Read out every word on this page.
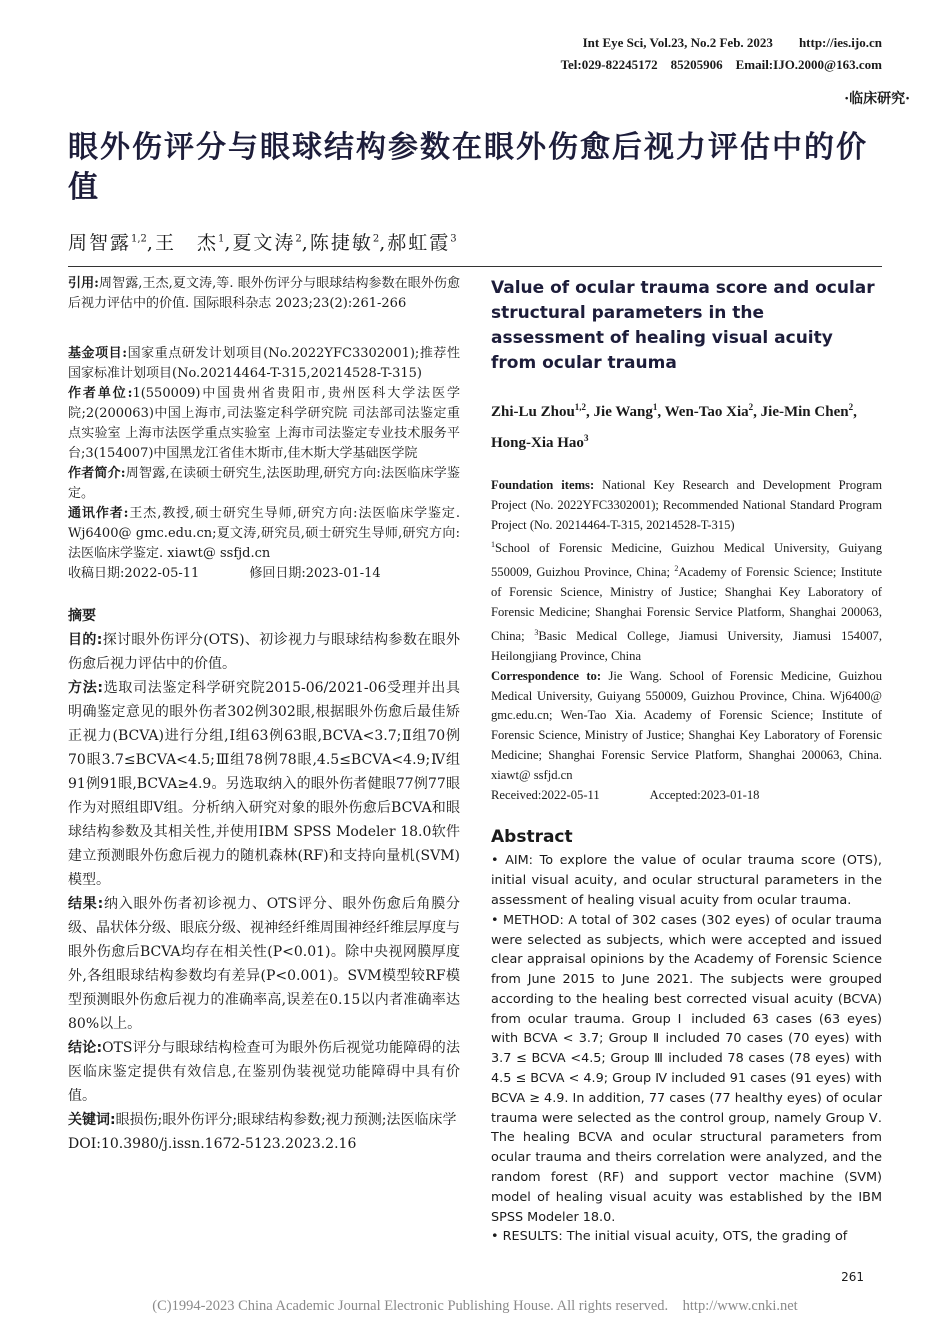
Int Eye Sci, Vol.23, No.2 Feb. 2023 http://ies.ijo.cn
Tel:029-82245172    85205906    Email:IJO.2000@163.com
·临床研究·
眼外伤评分与眼球结构参数在眼外伤愈后视力评估中的价值
周智露$^{1,2}$,王　杰$^1$,夏文涛$^2$,陈捷敏$^2$,郝虹霞$^3$

引用:周智露,王杰,夏文涛,等. 眼外伤评分与眼球结构参数在眼外伤愈后视力评估中的价值. 国际眼科杂志 2023;23(2):261-266

基金项目:国家重点研发计划项目(No.2022YFC3302001);推荐性国家标准计划项目(No.20214464-T-315,20214528-T-315)

作者单位:1(550009)中国贵州省贵阳市,贵州医科大学法医学院;2(200063)中国上海市,司法鉴定科学研究院 司法部司法鉴定重点实验室 上海市法医学重点实验室 上海市司法鉴定专业技术服务平台;3(154007)中国黑龙江省佳木斯市,佳木斯大学基础医学院

作者简介:周智露,在读硕士研究生,法医助理,研究方向:法医临床学鉴定。

通讯作者:王杰,教授,硕士研究生导师,研究方向:法医临床学鉴定. Wj6400@ gmc.edu.cn;夏文涛,研究员,硕士研究生导师,研究方向:法医临床学鉴定. xiawt@ ssfjd.cn

收稿日期:2022-05-11	修回日期:2023-01-14

摘要

目的:探讨眼外伤评分(OTS)、初诊视力与眼球结构参数在眼外伤愈后视力评估中的价值。

方法:选取司法鉴定科学研究院2015-06/2021-06受理并出具明确鉴定意见的眼外伤者302例302眼,根据眼外伤愈后最佳矫正视力(BCVA)进行分组,Ⅰ组63例63眼,BCVA<3.7;Ⅱ组70例70眼3.7≤BCVA<4.5;Ⅲ组78例78眼,4.5≤BCVA<4.9;Ⅳ组91例91眼,BCVA≥4.9。另选取纳入的眼外伤者健眼77例77眼作为对照组即Ⅴ组。分析纳入研究对象的眼外伤愈后BCVA和眼球结构参数及其相关性,并使用IBM SPSS Modeler 18.0软件建立预测眼外伤愈后视力的随机森林(RF)和支持向量机(SVM)模型。

结果:纳入眼外伤者初诊视力、OTS评分、眼外伤愈后角膜分级、晶状体分级、眼底分级、视神经纤维周围神经纤维层厚度与眼外伤愈后BCVA均存在相关性(P<0.01)。除中央视网膜厚度外,各组眼球结构参数均有差异(P<0.001)。SVM模型较RF模型预测眼外伤愈后视力的准确率高,误差在0.15以内者准确率达80%以上。

结论:OTS评分与眼球结构检查可为眼外伤后视觉功能障碍的法医临床鉴定提供有效信息,在鉴别伪装视觉功能障碍中具有价值。

关键词:眼损伤;眼外伤评分;眼球结构参数;视力预测;法医临床学

DOI:10.3980/j.issn.1672-5123.2023.2.16

Value of ocular trauma score and ocular structural parameters in the assessment of healing visual acuity from ocular trauma
Zhi-Lu Zhou$^{1,2}$, Jie Wang$^1$, Wen-Tao Xia$^2$, Jie-Min Chen$^2$, Hong-Xia Hao$^3$

Foundation items: National Key Research and Development Program Project (No. 2022YFC3302001); Recommended National Standard Program Project (No. 20214464-T-315, 20214528-T-315)

$^1$School of Forensic Medicine, Guizhou Medical University, Guiyang 550009, Guizhou Province, China; $^2$Academy of Forensic Science; Institute of Forensic Science, Ministry of Justice; Shanghai Key Laboratory of Forensic Medicine; Shanghai Forensic Service Platform, Shanghai 200063, China; $^3$Basic Medical College, Jiamusi University, Jiamusi 154007, Heilongjiang Province, China

Correspondence to: Jie Wang. School of Forensic Medicine, Guizhou Medical University, Guiyang 550009, Guizhou Province, China. Wj6400@ gmc.edu.cn; Wen-Tao Xia. Academy of Forensic Science; Institute of Forensic Science, Ministry of Justice; Shanghai Key Laboratory of Forensic Medicine; Shanghai Forensic Service Platform, Shanghai 200063, China. xiawt@ ssfjd.cn

Received:2022-05-11	Accepted:2023-01-18

Abstract

• AIM: To explore the value of ocular trauma score (OTS), initial visual acuity, and ocular structural parameters in the assessment of healing visual acuity from ocular trauma.

• METHOD: A total of 302 cases (302 eyes) of ocular trauma were selected as subjects, which were accepted and issued clear appraisal opinions by the Academy of Forensic Science from June 2015 to June 2021. The subjects were grouped according to the healing best corrected visual acuity (BCVA) from ocular trauma. Group Ⅰ included 63 cases (63 eyes) with BCVA < 3.7; Group Ⅱ included 70 cases (70 eyes) with 3.7 ≤ BCVA <4.5; Group Ⅲ included 78 cases (78 eyes) with 4.5 ≤ BCVA < 4.9; Group Ⅳ included 91 cases (91 eyes) with BCVA ≥ 4.9. In addition, 77 cases (77 healthy eyes) of ocular trauma were selected as the control group, namely Group Ⅴ. The healing BCVA and ocular structural parameters from ocular trauma and theirs correlation were analyzed, and the random forest (RF) and support vector machine (SVM) model of healing visual acuity was established by the IBM SPSS Modeler 18.0.

• RESULTS: The initial visual acuity, OTS, the grading of

261
(C)1994-2023 China Academic Journal Electronic Publishing House. All rights reserved.    http://www.cnki.net
